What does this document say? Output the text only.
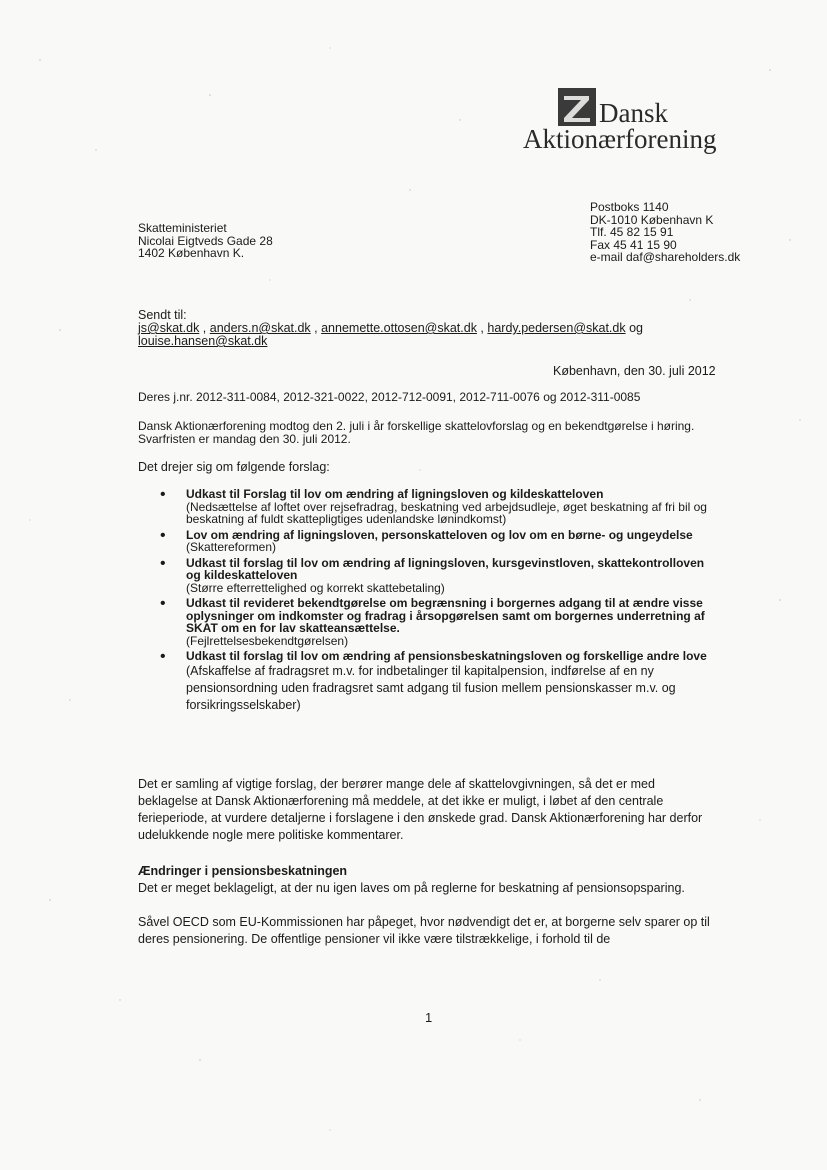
Dansk
Aktionærforening
Postboks 1140
DK-1010 København K
Tlf. 45 82 15 91
Fax 45 41 15 90
e-mail daf@shareholders.dk
Skatteministeriet
Nicolai Eigtveds Gade 28
1402 København K.
Sendt til:
js@skat.dk , anders.n@skat.dk , annemette.ottosen@skat.dk , hardy.pedersen@skat.dk og
louise.hansen@skat.dk
København, den 30. juli 2012
Deres j.nr. 2012-311-0084, 2012-321-0022, 2012-712-0091, 2012-711-0076 og 2012-311-0085
Dansk Aktionærforening modtog den 2. juli i år forskellige skattelovforslag og en bekendtgørelse i høring. Svarfristen er mandag den 30. juli 2012.
Det drejer sig om følgende forslag:
• Udkast til Forslag til lov om ændring af ligningsloven og kildeskatteloven
(Nedsættelse af loftet over rejsefradrag, beskatning ved arbejdsudleje, øget beskatning af fri bil og beskatning af fuldt skattepligtiges udenlandske lønindkomst)
• Lov om ændring af ligningsloven, personskatteloven og lov om en børne- og ungeydelse
(Skattereformen)
• Udkast til forslag til lov om ændring af ligningsloven, kursgevinstloven, skattekontrolloven og kildeskatteloven
(Større efterrettelighed og korrekt skattebetaling)
• Udkast til revideret bekendtgørelse om begrænsning i borgernes adgang til at ændre visse oplysninger om indkomster og fradrag i årsopgørelsen samt om borgernes underretning af SKAT om en for lav skatteansættelse.
(Fejlrettelsesbekendtgørelsen)
• Udkast til forslag til lov om ændring af pensionsbeskatningsloven og forskellige andre love
(Afskaffelse af fradragsret m.v. for indbetalinger til kapitalpension, indførelse af en ny pensionsordning uden fradragsret samt adgang til fusion mellem pensionskasser m.v. og forsikringsselskaber)
Det er samling af vigtige forslag, der berører mange dele af skattelovgivningen, så det er med beklagelse at Dansk Aktionærforening må meddele, at det ikke er muligt, i løbet af den centrale ferieperiode, at vurdere detaljerne i forslagene i den ønskede grad. Dansk Aktionærforening har derfor udelukkende nogle mere politiske kommentarer.
Ændringer i pensionsbeskatningen
Det er meget beklageligt, at der nu igen laves om på reglerne for beskatning af pensionsopsparing.
Såvel OECD som EU-Kommissionen har påpeget, hvor nødvendigt det er, at borgerne selv sparer op til deres pensionering. De offentlige pensioner vil ikke være tilstrækkelige, i forhold til de
1
